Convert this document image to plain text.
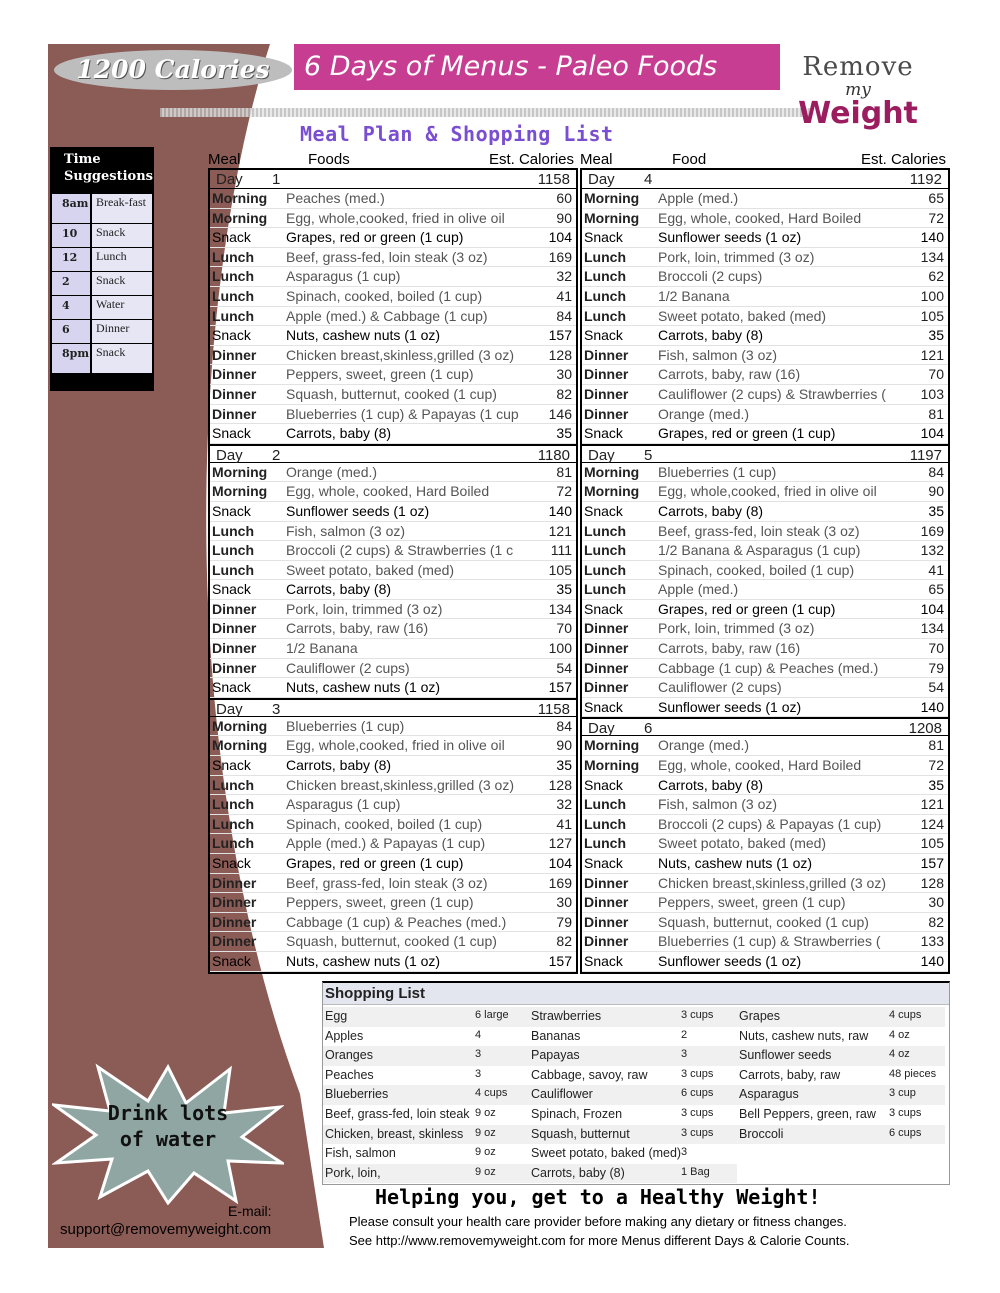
1200 Calories	6 Days of Menus - Paleo Foods	Remove
my
Weight
Meal Plan & Shopping List
Time Suggestions
8am Break-fast
10	Snack
12	Lunch
2	Snack
4	Water
6	Dinner
8pm Snack
Meal	Foods	Est. Calories
Day 1	1158
Morning Peaches (med.)	60
Morning Egg, whole,cooked, fried in olive oil	90
Snack	Grapes, red or green (1 cup)	104
Lunch Beef, grass-fed, loin steak (3 oz)	169
Lunch Asparagus (1 cup)	32
Lunch Spinach, cooked, boiled (1 cup)	41
Lunch Apple (med.) & Cabbage (1 cup)	84
Snack	Nuts, cashew nuts (1 oz)	157
Dinner Chicken breast,skinless,grilled (3 oz)	128
Dinner Peppers, sweet, green (1 cup)	30
Dinner Squash, butternut, cooked (1 cup)	82
Dinner Blueberries (1 cup) & Papayas (1 cup	146
Snack	Carrots, baby (8)	35
Day 2	1180
Morning Orange (med.)	81
Morning Egg, whole, cooked, Hard Boiled	72
Snack	Sunflower seeds (1 oz)	140
Lunch Fish, salmon (3 oz)	121
Lunch Broccoli (2 cups) & Strawberries (1 c	111
Lunch Sweet potato, baked (med)	105
Snack	Carrots, baby (8)	35
Dinner Pork, loin, trimmed (3 oz)	134
Dinner Carrots, baby, raw (16)	70
Dinner 1/2 Banana	100
Dinner Cauliflower (2 cups)	54
Snack	Nuts, cashew nuts (1 oz)	157
Day 3	1158
Morning Blueberries (1 cup)	84
Morning Egg, whole,cooked, fried in olive oil	90
Snack	Carrots, baby (8)	35
Lunch Chicken breast,skinless,grilled (3 oz)	128
Lunch Asparagus (1 cup)	32
Lunch Spinach, cooked, boiled (1 cup)	41
Lunch Apple (med.) & Papayas (1 cup)	127
Snack	Grapes, red or green (1 cup)	104
Dinner Beef, grass-fed, loin steak (3 oz)	169
Dinner Peppers, sweet, green (1 cup)	30
Dinner Cabbage (1 cup) & Peaches (med.)	79
Dinner Squash, butternut, cooked (1 cup)	82
Snack	Nuts, cashew nuts (1 oz)	157
Meal	Food	Est. Calories
Day 4	1192
Morning Apple (med.)	65
Morning Egg, whole, cooked, Hard Boiled	72
Snack	Sunflower seeds (1 oz)	140
Lunch Pork, loin, trimmed (3 oz)	134
Lunch Broccoli (2 cups)	62
Lunch 1/2 Banana	100
Lunch Sweet potato, baked (med)	105
Snack	Carrots, baby (8)	35
Dinner Fish, salmon (3 oz)	121
Dinner Carrots, baby, raw (16)	70
Dinner Cauliflower (2 cups) & Strawberries (	103
Dinner Orange (med.)	81
Snack	Grapes, red or green (1 cup)	104
Day 5	1197
Morning Blueberries (1 cup)	84
Morning Egg, whole,cooked, fried in olive oil	90
Snack	Carrots, baby (8)	35
Lunch Beef, grass-fed, loin steak (3 oz)	169
Lunch 1/2 Banana & Asparagus (1 cup)	132
Lunch Spinach, cooked, boiled (1 cup)	41
Lunch Apple (med.)	65
Snack	Grapes, red or green (1 cup)	104
Dinner Pork, loin, trimmed (3 oz)	134
Dinner Carrots, baby, raw (16)	70
Dinner Cabbage (1 cup) & Peaches (med.)	79
Dinner Cauliflower (2 cups)	54
Snack	Sunflower seeds (1 oz)	140
Day 6	1208
Morning Orange (med.)	81
Morning Egg, whole, cooked, Hard Boiled	72
Snack	Carrots, baby (8)	35
Lunch Fish, salmon (3 oz)	121
Lunch Broccoli (2 cups) & Papayas (1 cup)	124
Lunch Sweet potato, baked (med)	105
Snack	Nuts, cashew nuts (1 oz)	157
Dinner Chicken breast,skinless,grilled (3 oz)	128
Dinner Peppers, sweet, green (1 cup)	30
Dinner Squash, butternut, cooked (1 cup)	82
Dinner Blueberries (1 cup) & Strawberries (	133
Snack	Sunflower seeds (1 oz)	140
Shopping List
Egg	6 large
Apples	4
Oranges	3
Peaches	3
Blueberries	4 cups
Beef, grass-fed, loin steak 9 oz
Chicken, breast, skinless 9 oz
Fish, salmon	9 oz
Pork, loin,	9 oz
Strawberries	3 cups
Bananas	2
Papayas	3
Cabbage, savoy, raw	3 cups
Cauliflower	6 cups
Spinach, Frozen	3 cups
Squash, butternut	3 cups
Sweet potato, baked (med) 3
Carrots, baby (8)	1 Bag
Grapes	4 cups
Nuts, cashew nuts, raw 4 oz
Sunflower seeds	4 oz
Carrots, baby, raw	48 pieces
Asparagus	3 cup
Bell Peppers, green, raw 3 cups
Broccoli	6 cups
Drink lots
of water
E-mail:
support@removemyweight.com
Helping you, get to a Healthy Weight!
Please consult your health care provider before making any dietary or fitness changes.
See http://www.removemyweight.com for more Menus different Days & Calorie Counts.
